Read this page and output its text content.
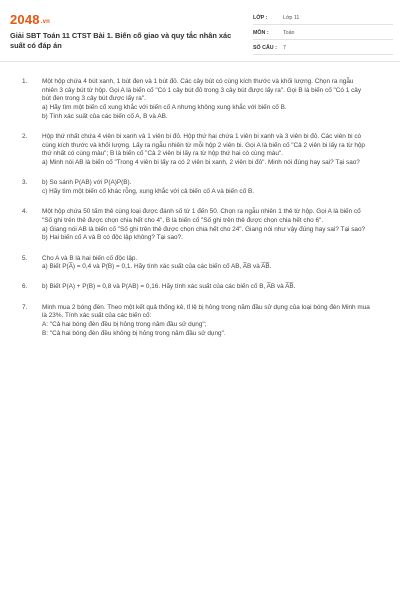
2048.vn
Giải SBT Toán 11 CTST Bài 1. Biến cố giao và quy tắc nhân xác suất có đáp án
LỚP :	Lớp 11
MÔN :	Toán
SỐ CÂU :	7
1. Một hộp chứa 4 bút xanh, 1 bút đen và 1 bút đỏ. Các cây bút có cùng kích thước và khối lượng. Chọn ra ngẫu nhiên 3 cây bút từ hộp. Gọi A là biến cố "Có 1 cây bút đỏ trong 3 cây bút được lấy ra". Gọi B là biến cố "Có 1 cây bút đen trong 3 cây bút được lấy ra".

a) Hãy tìm một biến cố xung khắc với biến cố A nhưng không xung khắc với biến cố B.

b) Tính xác suất của các biến cố A, B và AB.

2. Hộp thứ nhất chứa 4 viên bi xanh và 1 viên bi đỏ. Hộp thứ hai chứa 1 viên bi xanh và 3 viên bi đỏ. Các viên bi có cùng kích thước và khối lượng. Lấy ra ngẫu nhiên từ mỗi hộp 2 viên bi. Gọi A là biến cố "Cả 2 viên bi lấy ra từ hộp thứ nhất có cùng màu"; B là biến cố "Cả 2 viên bi lấy ra từ hộp thứ hai có cùng màu".

a) Minh nói AB là biến cố "Trong 4 viên bi lấy ra có 2 viên bi xanh, 2 viên bi đỏ". Minh nói đúng hay sai? Tại sao?

3. b) So sánh P(AB) với P(A)P(B).

c) Hãy tìm một biến cố khác rỗng, xung khắc với cả biến cố A và biến cố B.

4. Một hộp chứa 50 tấm thẻ cùng loại được đánh số từ 1 đến 50. Chọn ra ngẫu nhiên 1 thẻ từ hộp. Gọi A là biến cố "Số ghi trên thẻ được chọn chia hết cho 4", B là biến cố "Số ghi trên thẻ được chọn chia hết cho 6".

a) Giang nói AB là biến cố "Số ghi trên thẻ được chọn chia hết cho 24". Giang nói như vậy đúng hay sai? Tại sao?

b) Hai biến cố A và B có độc lập không? Tại sao?.

5. Cho A và B là hai biến cố độc lập.

a) Biết P(A̅) = 0,4 và P(B) = 0,1. Hãy tính xác suất của các biến cố AB, A̅B và A̅B̅.

6. b) Biết P(A) + P(B) = 0,8 và P(AB) = 0,16. Hãy tính xác suất của các biến cố B, A̅B và A̅B̅.

7. Minh mua 2 bóng đèn. Theo một kết quả thống kê, tỉ lệ bị hỏng trong năm đầu sử dụng của loại bóng đèn Minh mua là 23%. Tính xác suất của các biến cố:

A: "Cả hai bóng đèn đều bị hỏng trong năm đầu sử dụng";

B: "Cả hai bóng đèn đều không bị hỏng trong năm đầu sử dụng".
